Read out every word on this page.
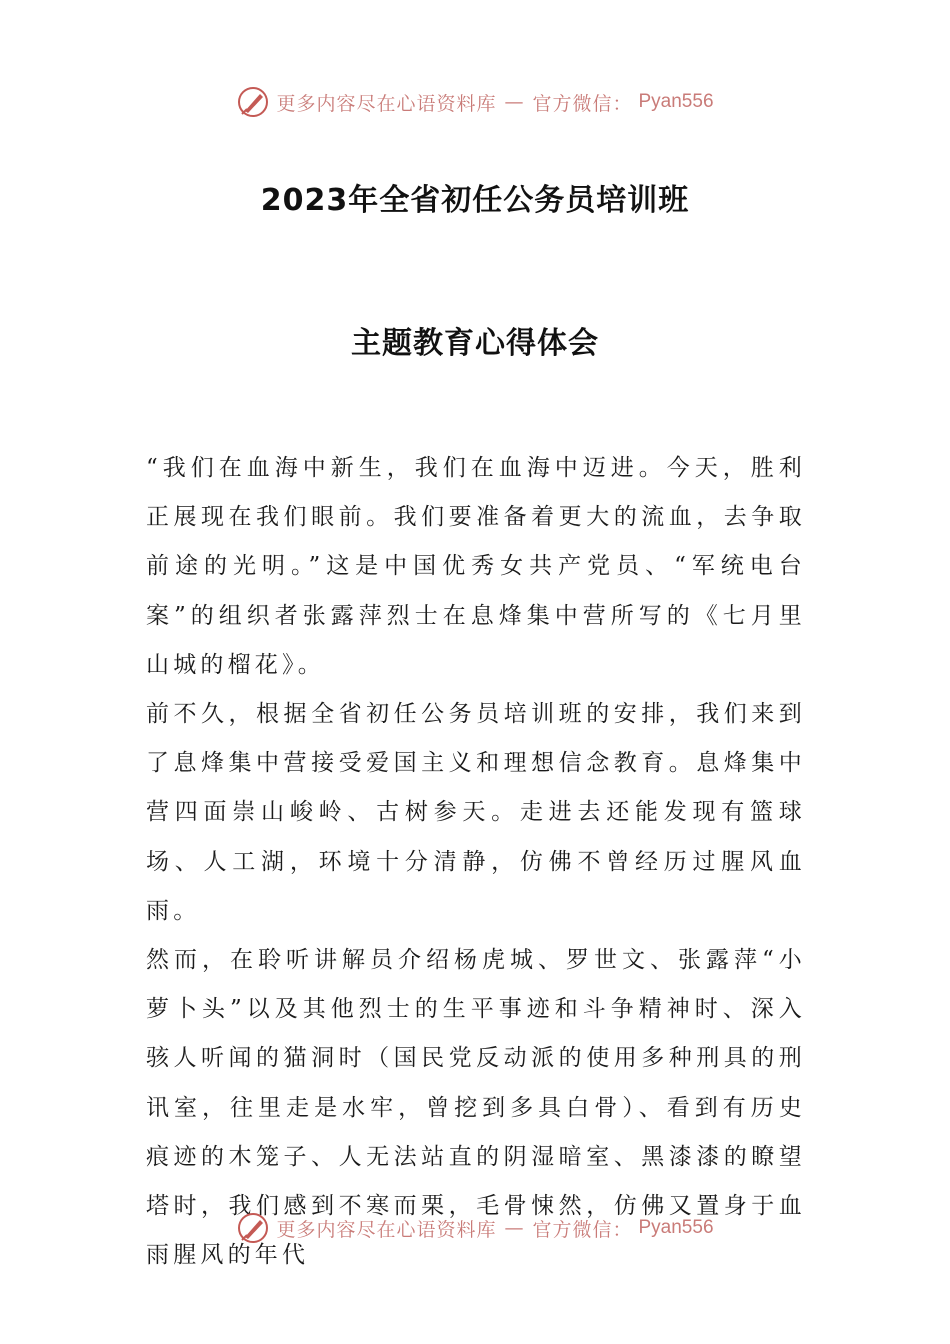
更多内容尽在心语资料库 — 官方微信： Pyan556
2023年全省初任公务员培训班
主题教育心得体会

“我们在血海中新生，我们在血海中迈进。今天，胜利正展现在我们眼前。我们要准备着更大的流血，去争取前途的光明。”这是中国优秀女共产党员、“军统电台案”的组织者张露萍烈士在息烽集中营所写的《七月里山城的榴花》。

前不久，根据全省初任公务员培训班的安排，我们来到了息烽集中营接受爱国主义和理想信念教育。息烽集中营四面崇山峻岭、古树参天。走进去还能发现有篮球场、人工湖，环境十分清静，仿佛不曾经历过腥风血雨。

然而，在聆听讲解员介绍杨虎城、罗世文、张露萍“小萝卜头”以及其他烈士的生平事迹和斗争精神时、深入骇人听闻的猫洞时（国民党反动派的使用多种刑具的刑讯室，往里走是水牢，曾挖到多具白骨）、看到有历史痕迹的木笼子、人无法站直的阴湿暗室、黑漆漆的瞭望塔时，我们感到不寒而栗，毛骨悚然，仿佛又置身于血雨腥风的年代

更多内容尽在心语资料库 — 官方微信： Pyan556
